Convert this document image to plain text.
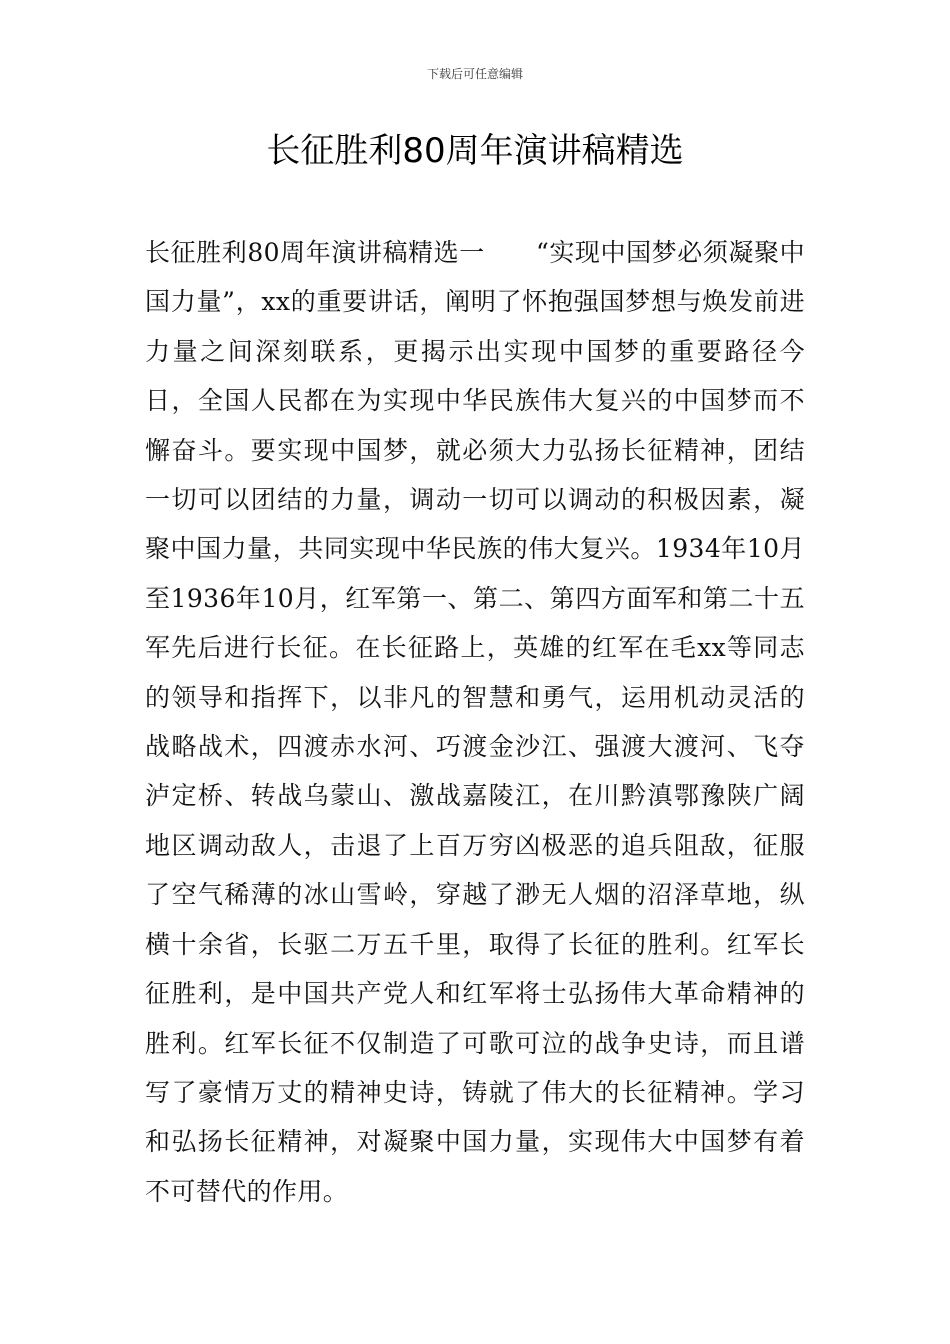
下载后可任意编辑
长征胜利80周年演讲稿精选

长征胜利80周年演讲稿精选一　　“实现中国梦必须凝聚中国力量”，xx的重要讲话，阐明了怀抱强国梦想与焕发前进力量之间深刻联系，更揭示出实现中国梦的重要路径今日，全国人民都在为实现中华民族伟大复兴的中国梦而不懈奋斗。要实现中国梦，就必须大力弘扬长征精神，团结一切可以团结的力量，调动一切可以调动的积极因素，凝聚中国力量，共同实现中华民族的伟大复兴。1934年10月至1936年10月，红军第一、第二、第四方面军和第二十五军先后进行长征。在长征路上，英雄的红军在毛xx等同志的领导和指挥下，以非凡的智慧和勇气，运用机动灵活的战略战术，四渡赤水河、巧渡金沙江、强渡大渡河、飞夺泸定桥、转战乌蒙山、激战嘉陵江，在川黔滇鄂豫陕广阔地区调动敌人，击退了上百万穷凶极恶的追兵阻敌，征服了空气稀薄的冰山雪岭，穿越了渺无人烟的沼泽草地，纵横十余省，长驱二万五千里，取得了长征的胜利。红军长征胜利，是中国共产党人和红军将士弘扬伟大革命精神的胜利。红军长征不仅制造了可歌可泣的战争史诗，而且谱写了豪情万丈的精神史诗，铸就了伟大的长征精神。学习和弘扬长征精神，对凝聚中国力量，实现伟大中国梦有着不可替代的作用。
